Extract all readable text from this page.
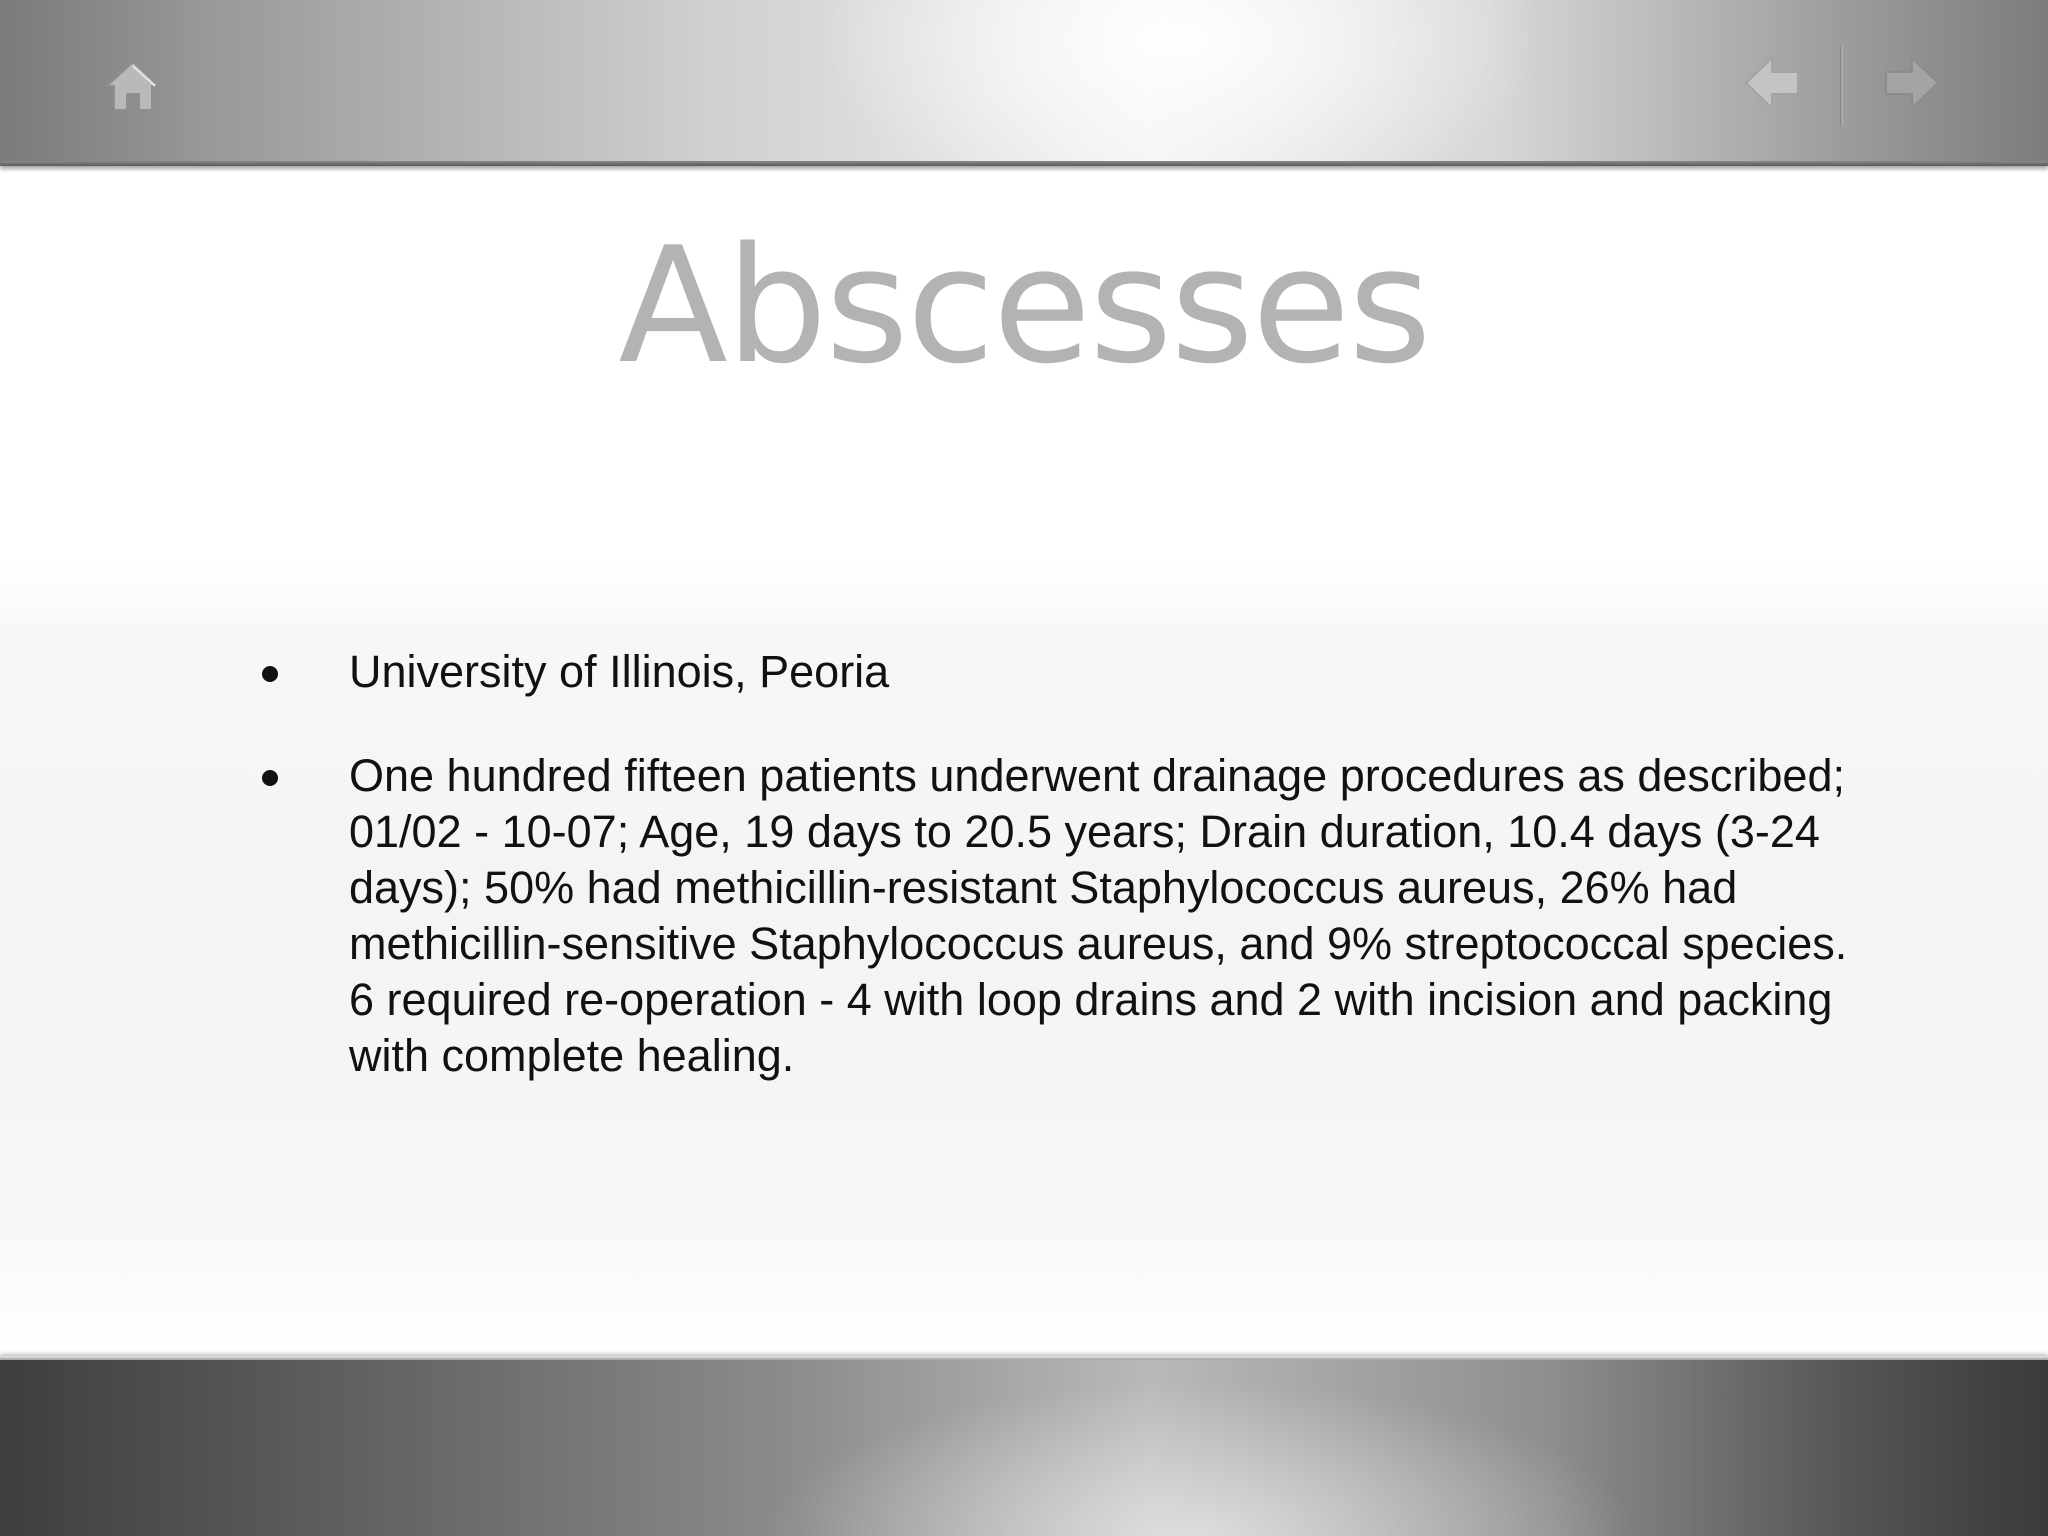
Abscesses
University of Illinois, Peoria
One hundred fifteen patients underwent drainage procedures as described; 01/02 - 10-07; Age, 19 days to 20.5 years; Drain duration, 10.4 days (3-24 days); 50% had methicillin-resistant Staphylococcus aureus, 26% had methicillin-sensitive Staphylococcus aureus, and 9% streptococcal species. 6 required re-operation - 4 with loop drains and 2 with incision and packing with complete healing.
